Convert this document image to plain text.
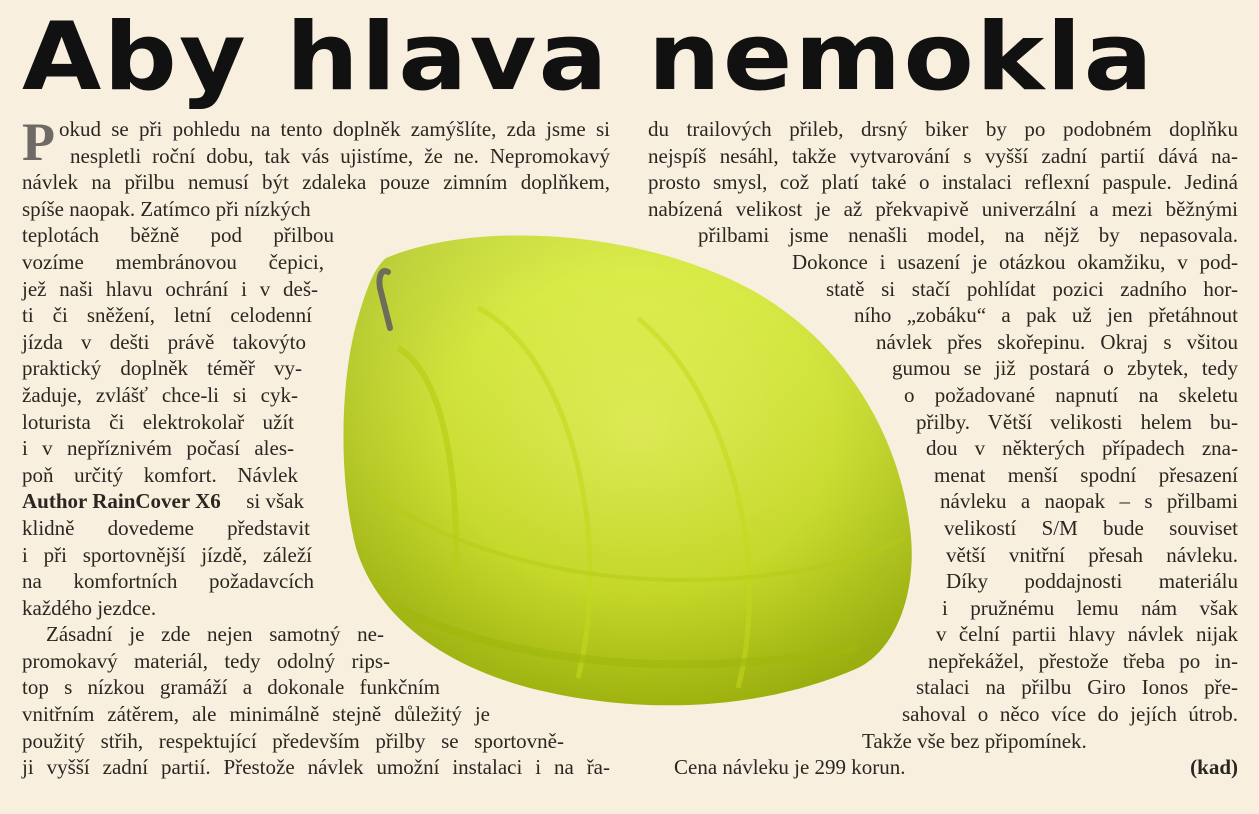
Aby hlava nemokla
Pokud se při pohledu na tento doplněk zamýšlíte, zda jsme si
nespletli roční dobu, tak vás ujistíme, že ne. Nepromokavý
návlek na přilbu nemusí být zdaleka pouze zimním doplňkem,
spíše naopak. Zatímco při nízkých
teplotách běžně pod přilbou
vozíme membránovou čepici,
jež naši hlavu ochrání i v deš-
ti či sněžení, letní celodenní
jízda v dešti právě takovýto
praktický doplněk téměř vy-
žaduje, zvlášť chce-li si cyk-
loturista či elektrokolař užít
i v nepříznivém počasí ales-
poň určitý komfort. Návlek
Author RainCover X6 si však
klidně dovedeme představit
i při sportovnější jízdě, záleží
na komfortních požadavcích
každého jezdce.
Zásadní je zde nejen samotný ne-
promokavý materiál, tedy odolný rips-
top s nízkou gramáží a dokonale funkčním
vnitřním zátěrem, ale minimálně stejně důležitý je
použitý střih, respektující především přilby se sportovně-
ji vyšší zadní partií. Přestože návlek umožní instalaci i na řa-
du trailových přileb, drsný biker by po podobném doplňku
nejspíš nesáhl, takže vytvarování s vyšší zadní partií dává na-
prosto smysl, což platí také o instalaci reflexní paspule. Jediná
nabízená velikost je až překvapivě univerzální a mezi běžnými
přilbami jsme nenašli model, na nějž by nepasovala.
Dokonce i usazení je otázkou okamžiku, v pod-
statě si stačí pohlídat pozici zadního hor-
ního „zobáku“ a pak už jen přetáhnout
návlek přes skořepinu. Okraj s všitou
gumou se již postará o zbytek, tedy
o požadované napnutí na skeletu
přilby. Větší velikosti helem bu-
dou v některých případech zna-
menat menší spodní přesazení
návleku a naopak – s přilbami
velikostí S/M bude souviset
větší vnitřní přesah návleku.
Díky poddajnosti materiálu
i pružnému lemu nám však
v čelní partii hlavy návlek nijak
nepřekážel, přestože třeba po in-
stalaci na přilbu Giro Ionos pře-
sahoval o něco více do jejích útrob.
Takže vše bez připomínek.
Cena návleku je 299 korun.	(kad)
